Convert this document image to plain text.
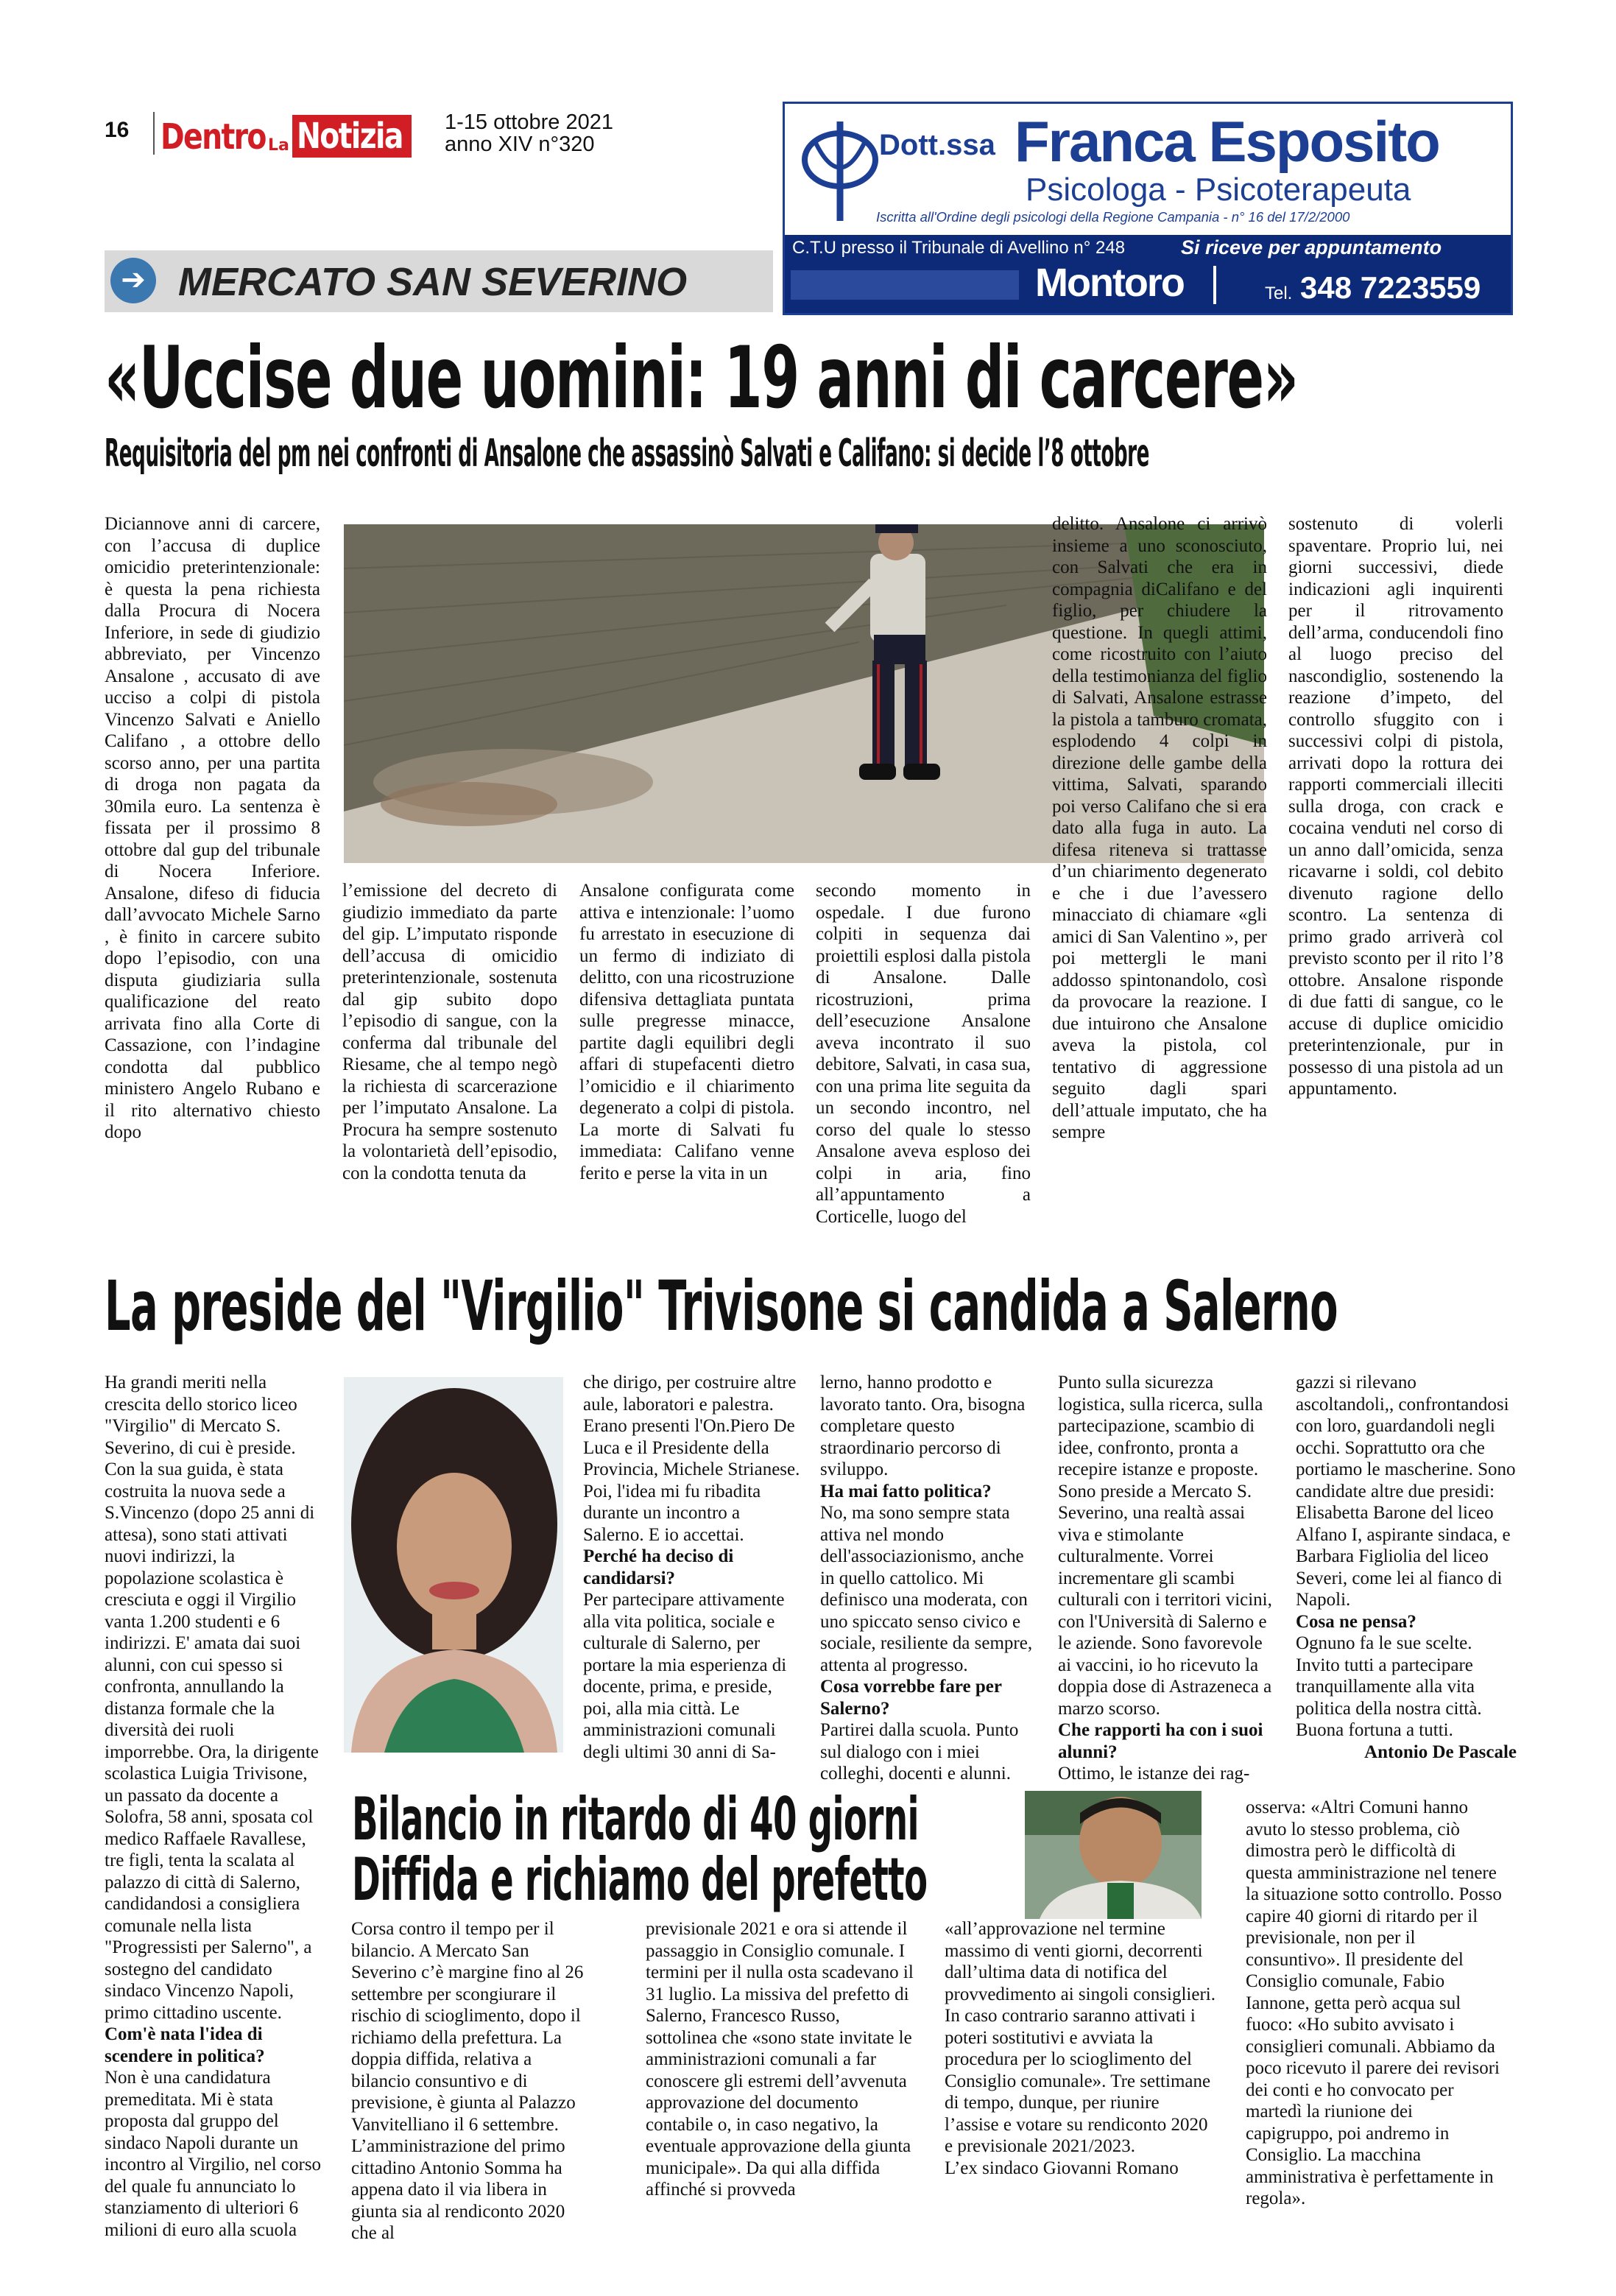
16 Dentro La Notizia	1-15 ottobre 2021
anno XIV n°320	Dott.ssa Franca Esposito
Psicologa - Psicoterapeuta
Iscritta all'Ordine degli psicologi della Regione Campania - n° 16 del 17/2/2000
C.T.U presso il Tribunale di Avellino n° 248	Si riceve per appuntamento
Montoro	Tel. 348 7223559
➔ MERCATO SAN SEVERINO
«Uccise due uomini: 19 anni di carcere»
Requisitoria del pm nei confronti di Ansalone che assassinò Salvati e Califano: si decide l’8 ottobre
Diciannove anni di carcere, con l’accusa di duplice omicidio preterintenzionale: è questa la pena richiesta dalla Procura di Nocera Inferiore, in sede di giudizio abbreviato, per Vincenzo Ansalone , accusato di ave ucciso a colpi di pistola Vincenzo Salvati e Aniello Califano , a ottobre dello scorso anno, per una partita di droga non pagata da 30mila euro. La sentenza è fissata per il prossimo 8 ottobre dal gup del tribunale di Nocera Inferiore. Ansalone, difeso di fiducia dall’avvocato Michele Sarno , è finito in carcere subito dopo l’episodio, con una disputa giudiziaria sulla qualificazione del reato arrivata fino alla Corte di Cassazione, con l’indagine condotta dal pubblico ministero Angelo Rubano e il rito alternativo chiesto dopo
l’emissione del decreto di giudizio immediato da parte del gip. L’imputato risponde dell’accusa di omicidio preterintenzionale, sostenuta dal gip subito dopo l’episodio di sangue, con la conferma dal tribunale del Riesame, che al tempo negò la richiesta di scarcerazione per l’imputato Ansalone. La Procura ha sempre sostenuto la volontarietà dell’episodio, con la condotta tenuta da
Ansalone configurata come attiva e intenzionale: l’uomo fu arrestato in esecuzione di un fermo di indiziato di delitto, con una ricostruzione difensiva dettagliata puntata sulle pregresse minacce, partite dagli equilibri degli affari di stupefacenti dietro l’omicidio e il chiarimento degenerato a colpi di pistola. La morte di Salvati fu immediata: Califano venne ferito e perse la vita in un
secondo momento in ospedale. I due furono colpiti in sequenza dai proiettili esplosi dalla pistola di Ansalone. Dalle ricostruzioni, prima dell’esecuzione Ansalone aveva incontrato il suo debitore, Salvati, in casa sua, con una prima lite seguita da un secondo incontro, nel corso del quale lo stesso Ansalone aveva esploso dei colpi in aria, fino all’appuntamento a Corticelle, luogo del
delitto. Ansalone ci arrivò insieme a uno sconosciuto, con Salvati che era in compagnia diCalifano e del figlio, per chiudere la questione. In quegli attimi, come ricostruito con l’aiuto della testimonianza del figlio di Salvati, Ansalone estrasse la pistola a tamburo cromata, esplodendo 4 colpi in direzione delle gambe della vittima, Salvati, sparando poi verso Califano che si era dato alla fuga in auto. La difesa riteneva si trattasse d’un chiarimento degenerato e che i due l’avessero minacciato di chiamare «gli amici di San Valentino », per poi mettergli le mani addosso spintonandolo, così da provocare la reazione. I due intuirono che Ansalone aveva la pistola, col tentativo di aggressione seguito dagli spari dell’attuale imputato, che ha sempre
sostenuto di volerli spaventare. Proprio lui, nei giorni successivi, diede indicazioni agli inquirenti per il ritrovamento dell’arma, conducendoli fino al luogo preciso del nascondiglio, sostenendo la reazione d’impeto, del controllo sfuggito con i successivi colpi di pistola, arrivati dopo la rottura dei rapporti commerciali illeciti sulla droga, con crack e cocaina venduti nel corso di un anno dall’omicida, senza ricavarne i soldi, col debito divenuto ragione dello scontro. La sentenza di primo grado arriverà col previsto sconto per il rito l’8 ottobre. Ansalone risponde di due fatti di sangue, co le accuse di duplice omicidio preterintenzionale, pur in possesso di una pistola ad un appuntamento.
La preside del "Virgilio" Trivisone si candida a Salerno

Ha grandi meriti nella crescita dello storico liceo "Virgilio" di Mercato S. Severino, di cui è preside. Con la sua guida, è stata costruita la nuova sede a S.Vincenzo (dopo 25 anni di attesa), sono stati attivati nuovi indirizzi, la popolazione scolastica è cresciuta e oggi il Virgilio vanta 1.200 studenti e 6 indirizzi. E' amata dai suoi alunni, con cui spesso si confronta, annullando la distanza formale che la diversità dei ruoli imporrebbe. Ora, la dirigente scolastica Luigia Trivisone, un passato da docente a Solofra, 58 anni, sposata col medico Raffaele Ravallese, tre figli, tenta la scalata al palazzo di città di Salerno, candidandosi a consigliera comunale nella lista "Progressisti per Salerno", a sostegno del candidato sindaco Vincenzo Napoli, primo cittadino uscente.

Com'è nata l'idea di scendere in politica?

Non è una candidatura premeditata. Mi è stata proposta dal gruppo del sindaco Napoli durante un incontro al Virgilio, nel corso del quale fu annunciato lo stanziamento di ulteriori 6 milioni di euro alla scuola

che dirigo, per costruire altre aule, laboratori e palestra. Erano presenti l'On.Piero De Luca e il Presidente della Provincia, Michele Strianese. Poi, l'idea mi fu ribadita durante un incontro a Salerno. E io accettai.

Perché ha deciso di candidarsi?

Per partecipare attivamente alla vita politica, sociale e culturale di Salerno, per portare la mia esperienza di docente, prima, e preside, poi, alla mia città. Le amministrazioni comunali degli ultimi 30 anni di Sa-

lerno, hanno prodotto e lavorato tanto. Ora, bisogna completare questo straordinario percorso di sviluppo.

Ha mai fatto politica?

No, ma sono sempre stata attiva nel mondo dell'associazionismo, anche in quello cattolico. Mi definisco una moderata, con uno spiccato senso civico e sociale, resiliente da sempre, attenta al progresso.

Cosa vorrebbe fare per Salerno?

Partirei dalla scuola. Punto sul dialogo con i miei colleghi, docenti e alunni.

Punto sulla sicurezza logistica, sulla ricerca, sulla partecipazione, scambio di idee, confronto, pronta a recepire istanze e proposte. Sono preside a Mercato S. Severino, una realtà assai viva e stimolante culturalmente. Vorrei incrementare gli scambi culturali con i territori vicini, con l'Università di Salerno e le aziende. Sono favorevole ai vaccini, io ho ricevuto la doppia dose di Astrazeneca a marzo scorso.

Che rapporti ha con i suoi alunni?

Ottimo, le istanze dei rag-

gazzi si rilevano ascoltandoli,, confrontandosi con loro, guardandoli negli occhi. Soprattutto ora che portiamo le mascherine. Sono candidate altre due presidi: Elisabetta Barone del liceo Alfano I, aspirante sindaca, e Barbara Figliolia del liceo Severi, come lei al fianco di Napoli.

Cosa ne pensa?

Ognuno fa le sue scelte. Invito tutti a partecipare tranquillamente alla vita politica della nostra città. Buona fortuna a tutti.

Antonio De Pascale

Bilancio in ritardo di 40 giorni
Diffida e richiamo del prefetto
Corsa contro il tempo per il bilancio. A Mercato San Severino c’è margine fino al 26 settembre per scongiurare il rischio di scioglimento, dopo il richiamo della prefettura. La doppia diffida, relativa a bilancio consuntivo e di previsione, è giunta al Palazzo Vanvitelliano il 6 settembre. L’amministrazione del primo cittadino Antonio Somma ha appena dato il via libera in giunta sia al rendiconto 2020 che al
previsionale 2021 e ora si attende il passaggio in Consiglio comunale. I termini per il nulla osta scadevano il 31 luglio. La missiva del prefetto di Salerno, Francesco Russo, sottolinea che «sono state invitate le amministrazioni comunali a far conoscere gli estremi dell’avvenuta approvazione del documento contabile o, in caso negativo, la eventuale approvazione della giunta municipale». Da qui alla diffida affinché si provveda

«all’approvazione nel termine massimo di venti giorni, decorrenti dall’ultima data di notifica del provvedimento ai singoli consiglieri. In caso contrario saranno attivati i poteri sostitutivi e avviata la procedura per lo scioglimento del Consiglio comunale». Tre settimane di tempo, dunque, per riunire l’assise e votare su rendiconto 2020 e previsionale 2021/2023.

L’ex sindaco Giovanni Romano

osserva: «Altri Comuni hanno avuto lo stesso problema, ciò dimostra però le difficoltà di questa amministrazione nel tenere la situazione sotto controllo. Posso capire 40 giorni di ritardo per il previsionale, non per il consuntivo». Il presidente del Consiglio comunale, Fabio Iannone, getta però acqua sul fuoco: «Ho subito avvisato i consiglieri comunali. Abbiamo da poco ricevuto il parere dei revisori dei conti e ho convocato per martedì la riunione dei capigruppo, poi andremo in Consiglio. La macchina amministrativa è perfettamente in regola».
